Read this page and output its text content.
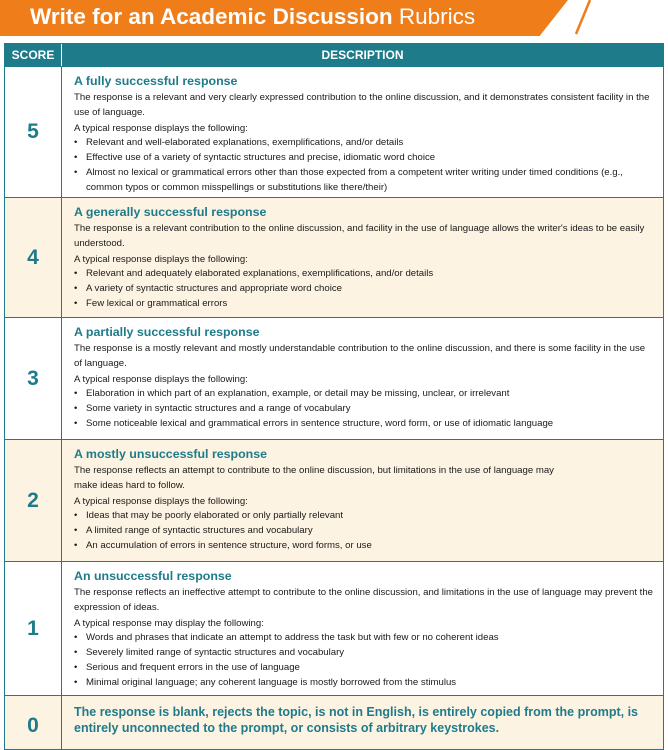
Write for an Academic Discussion Rubrics
SCORE	DESCRIPTION
5
A fully successful response
The response is a relevant and very clearly expressed contribution to the online discussion, and it demonstrates consistent facility in the use of language.
A typical response displays the following:
• Relevant and well-elaborated explanations, exemplifications, and/or details
• Effective use of a variety of syntactic structures and precise, idiomatic word choice
• Almost no lexical or grammatical errors other than those expected from a competent writer writing under timed conditions (e.g., common typos or common misspellings or substitutions like there/their)
4
A generally successful response
The response is a relevant contribution to the online discussion, and facility in the use of language allows the writer's ideas to be easily understood.
A typical response displays the following:
• Relevant and adequately elaborated explanations, exemplifications, and/or details
• A variety of syntactic structures and appropriate word choice
• Few lexical or grammatical errors
3
A partially successful response
The response is a mostly relevant and mostly understandable contribution to the online discussion, and there is some facility in the use of language.
A typical response displays the following:
• Elaboration in which part of an explanation, example, or detail may be missing, unclear, or irrelevant
• Some variety in syntactic structures and a range of vocabulary
• Some noticeable lexical and grammatical errors in sentence structure, word form, or use of idiomatic language
2
A mostly unsuccessful response
The response reflects an attempt to contribute to the online discussion, but limitations in the use of language may make ideas hard to follow.
A typical response displays the following:
• Ideas that may be poorly elaborated or only partially relevant
• A limited range of syntactic structures and vocabulary
• An accumulation of errors in sentence structure, word forms, or use
1
An unsuccessful response
The response reflects an ineffective attempt to contribute to the online discussion, and limitations in the use of language may prevent the expression of ideas.
A typical response may display the following:
• Words and phrases that indicate an attempt to address the task but with few or no coherent ideas
• Severely limited range of syntactic structures and vocabulary
• Serious and frequent errors in the use of language
• Minimal original language; any coherent language is mostly borrowed from the stimulus
0
The response is blank, rejects the topic, is not in English, is entirely copied from the prompt, is entirely unconnected to the prompt, or consists of arbitrary keystrokes.
